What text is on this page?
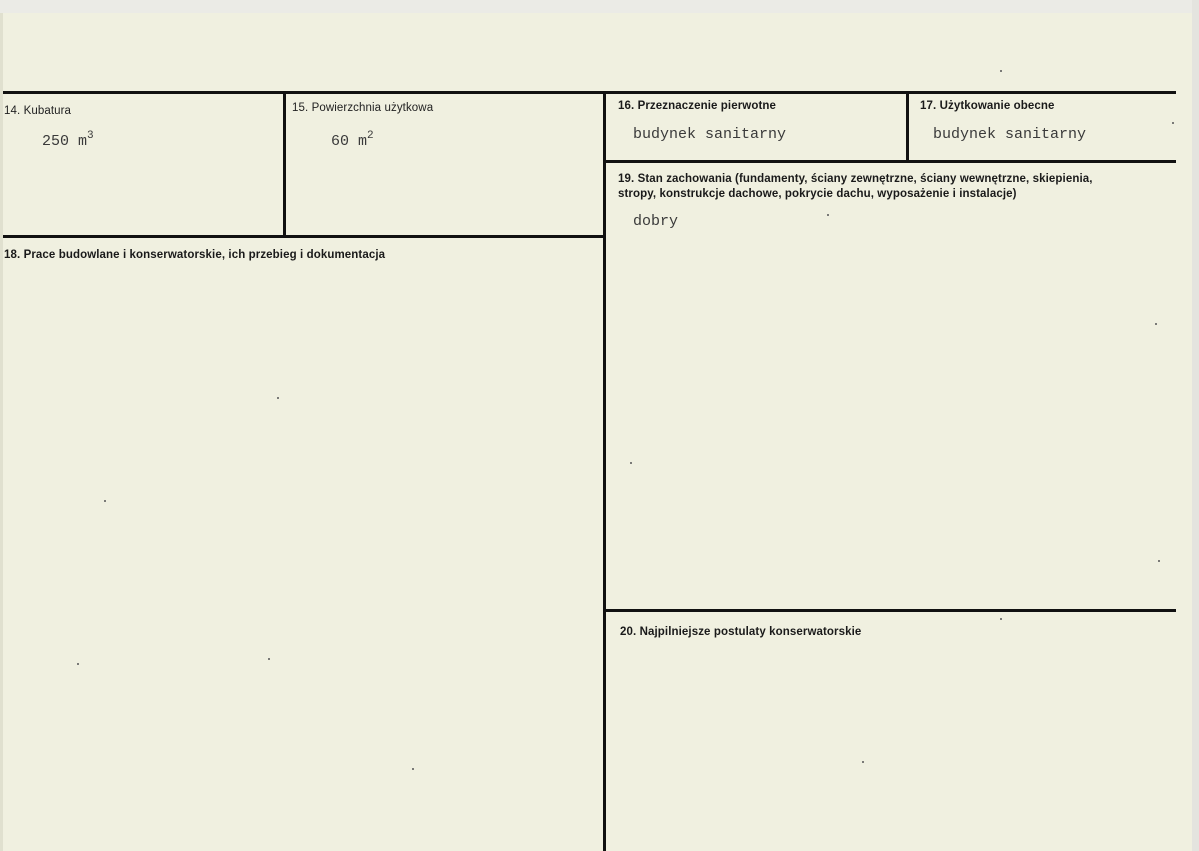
14. Kubatura
250 $m^3$
15. Powierzchnia użytkowa
60 $m^2$
16. Przeznaczenie pierwotne
budynek sanitarny
17. Użytkowanie obecne
budynek sanitarny
18. Prace budowlane i konserwatorskie, ich przebieg i dokumentacja
19. Stan zachowania (fundamenty, ściany zewnętrzne, ściany wewnętrzne, skiepienia,
stropy, konstrukcje dachowe, pokrycie dachu, wyposażenie i instalacje)
dobry
20. Najpilniejsze postulaty konserwatorskie
